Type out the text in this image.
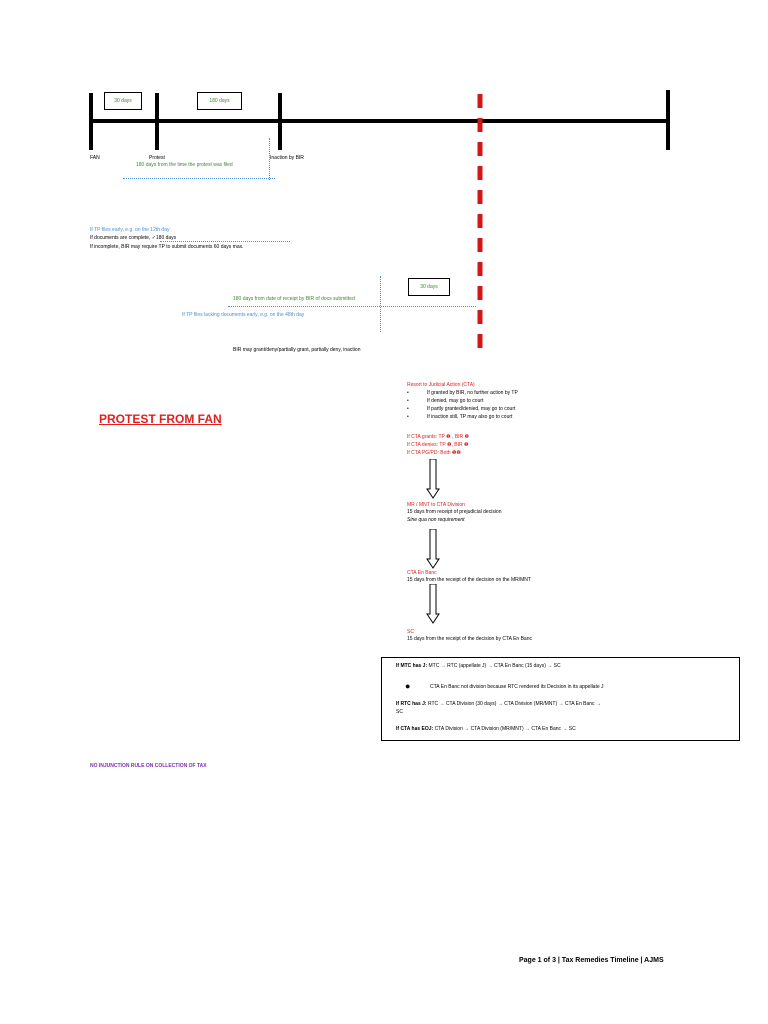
30 days	180 days
FAN	Protest	Inaction by BIR
180 days from the time the protest was filed
If TP files early, e.g. on the 12th day
If documents are complete, ✓180 days
If incomplete, BIR may require TP to submit documents 60 days max.
30 days
180 days from date of receipt by BIR of docs submitted
If TP files lacking documents early, e.g. on the 48th day
BIR may grant/deny/partially grant, partially deny, inaction
PROTEST FROM FAN
Resort to Judicial Action (CTA)
• If granted by BIR, no further action by TP
• If denied, may go to court
• If partly granted/denied, may go to court
• If inaction still, TP may also go to court
If CTA grants: TP ❶ , BIR ❷
If CTA denies: TP ❷, BIR ❶
If CTA PG/PD: Both ❶❷
MR / MNT to CTA Division
15 days from receipt of prejudicial decision
Sine qua non requirement
CTA En Banc
15 days from the receipt of the decision on the MR/MNT
SC
15 days from the receipt of the decision by CTA En Banc
If MTC has J: MTC → RTC (appellate J) → CTA En Banc (15 days) → SC
●	CTA En Banc not division because RTC rendered its Decision in its appellate J
If RTC has J: RTC → CTA Division (30 days) → CTA Division (MR/MNT) → CTA En Banc →
SC
If CTA has EOJ: CTA Division → CTA Division (MR/MNT) → CTA En Banc → SC
NO INJUNCTION RULE ON COLLECTION OF TAX
Page 1 of 3 | Tax Remedies Timeline | AJMS
